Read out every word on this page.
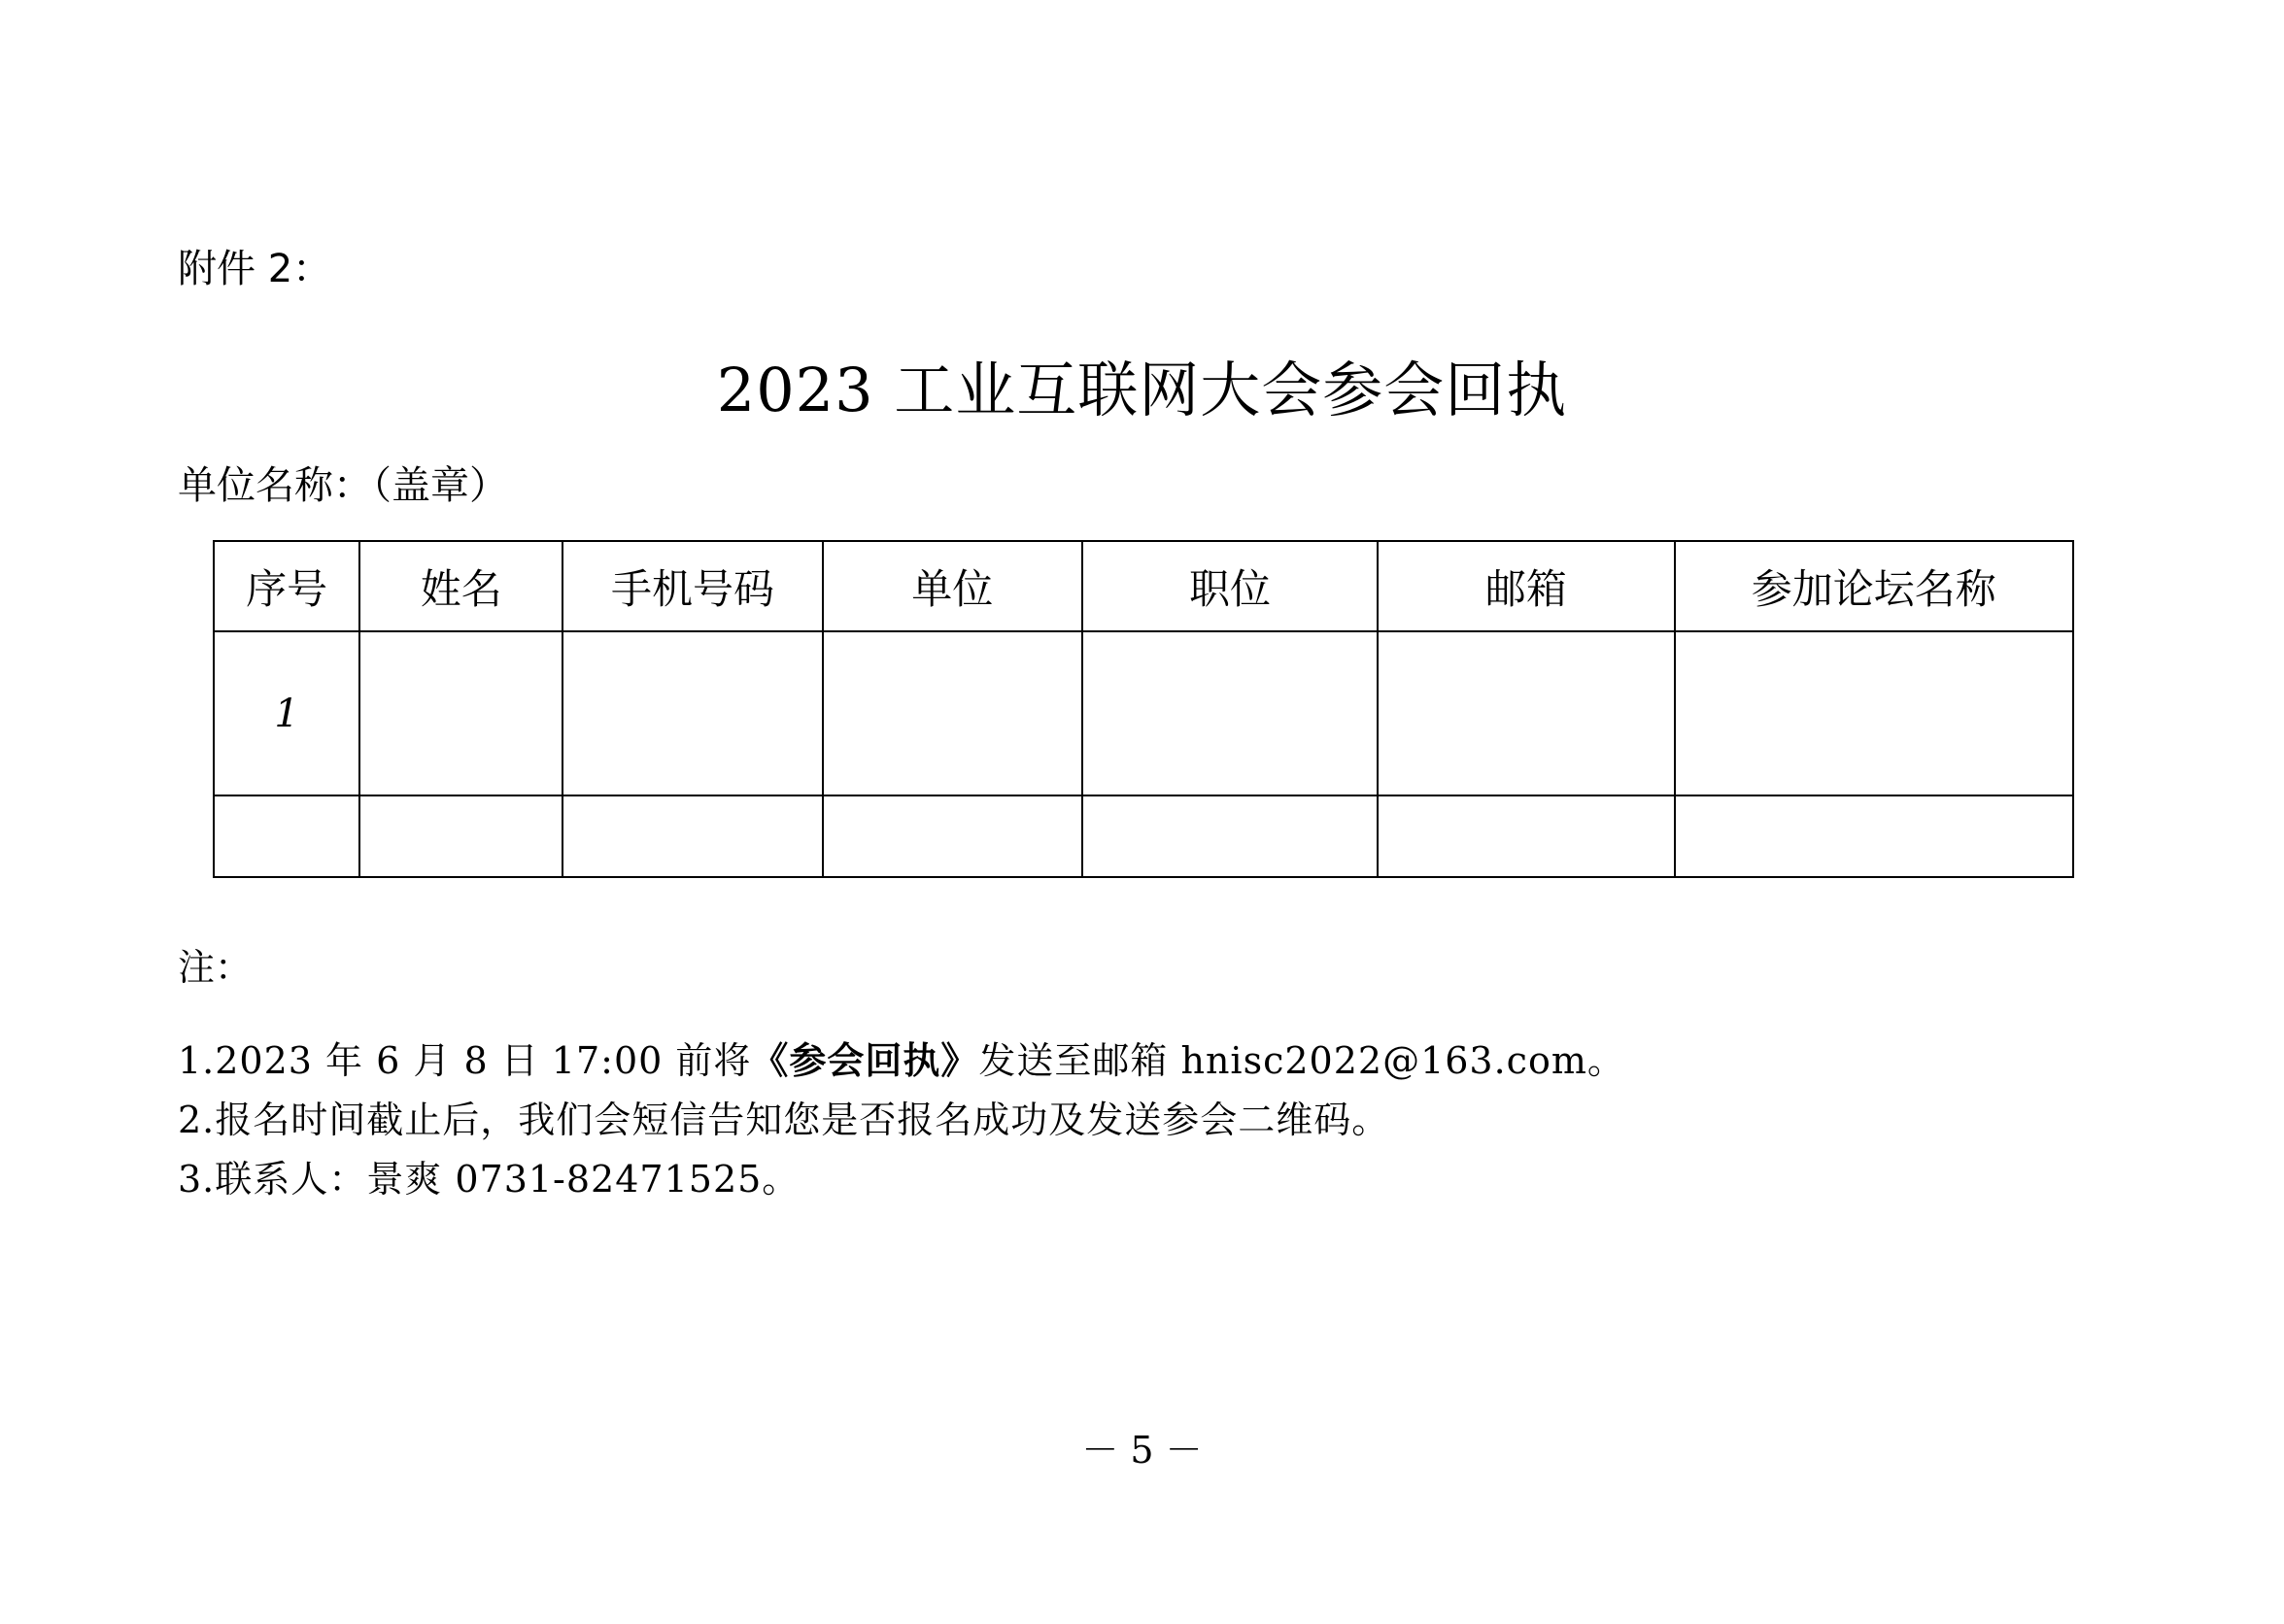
附件 2：
2023 工业互联网大会参会回执
单位名称：（盖章）
序号	姓名	手机号码	单位	职位	邮箱	参加论坛名称
1						

注：
1.2023 年 6 月 8 日 17:00 前将《参会回执》发送至邮箱 hnisc2022@163.com。
2.报名时间截止后，我们会短信告知您是否报名成功及发送参会二维码。
3.联系人：景爽 0731-82471525。
－ 5 －
